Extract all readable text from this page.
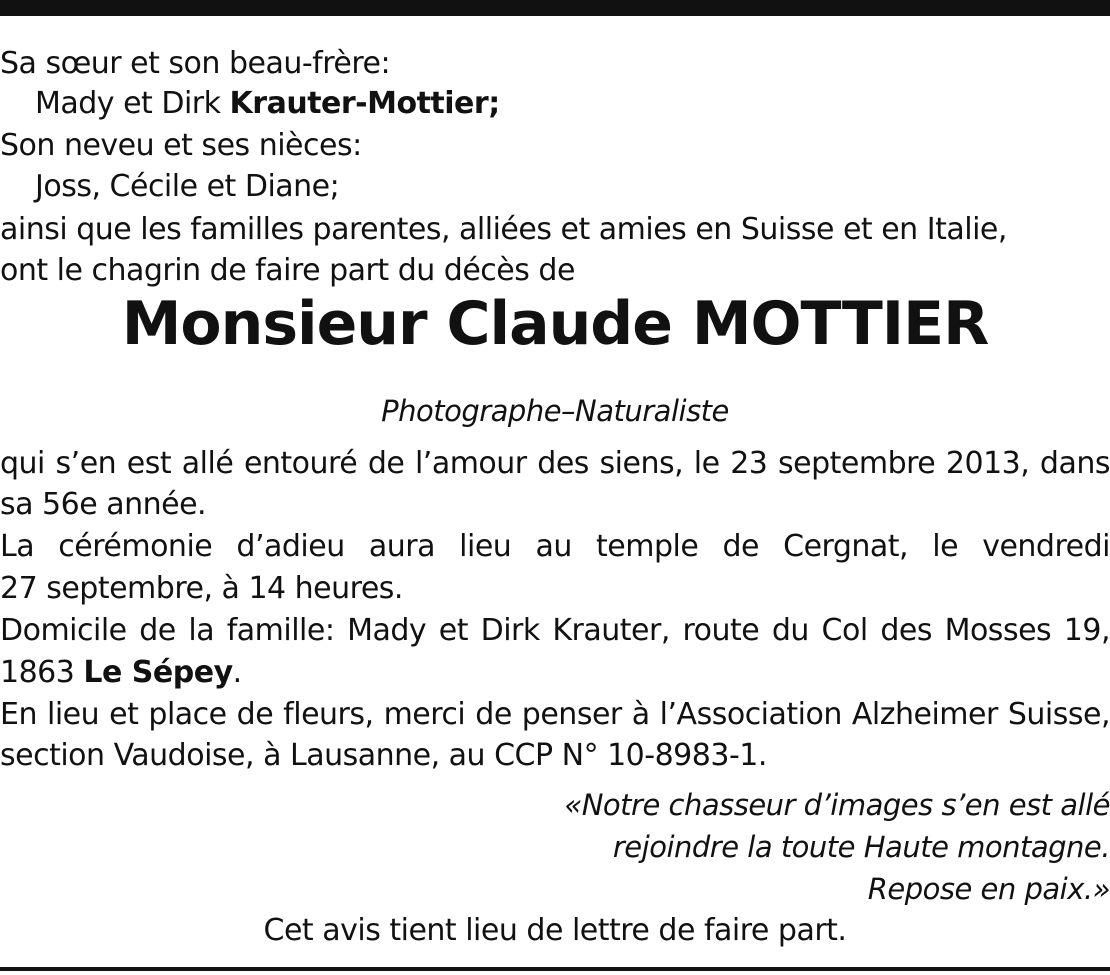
Sa sœur et son beau-frère:
Mady et Dirk Krauter-Mottier;
Son neveu et ses nièces:
Joss, Cécile et Diane;
ainsi que les familles parentes, alliées et amies en Suisse et en Italie,
ont le chagrin de faire part du décès de
Monsieur Claude MOTTIER
Photographe–Naturaliste
qui s’en est allé entouré de l’amour des siens, le 23 septembre 2013, dans
sa 56e année.
La cérémonie d’adieu aura lieu au temple de Cergnat, le vendredi
27 septembre, à 14 heures.
Domicile de la famille: Mady et Dirk Krauter, route du Col des Mosses 19,
1863 Le Sépey.
En lieu et place de fleurs, merci de penser à l’Association Alzheimer Suisse,
section Vaudoise, à Lausanne, au CCP N° 10-8983-1.
«Notre chasseur d’images s’en est allé
rejoindre la toute Haute montagne.
Repose en paix.»
Cet avis tient lieu de lettre de faire part.
